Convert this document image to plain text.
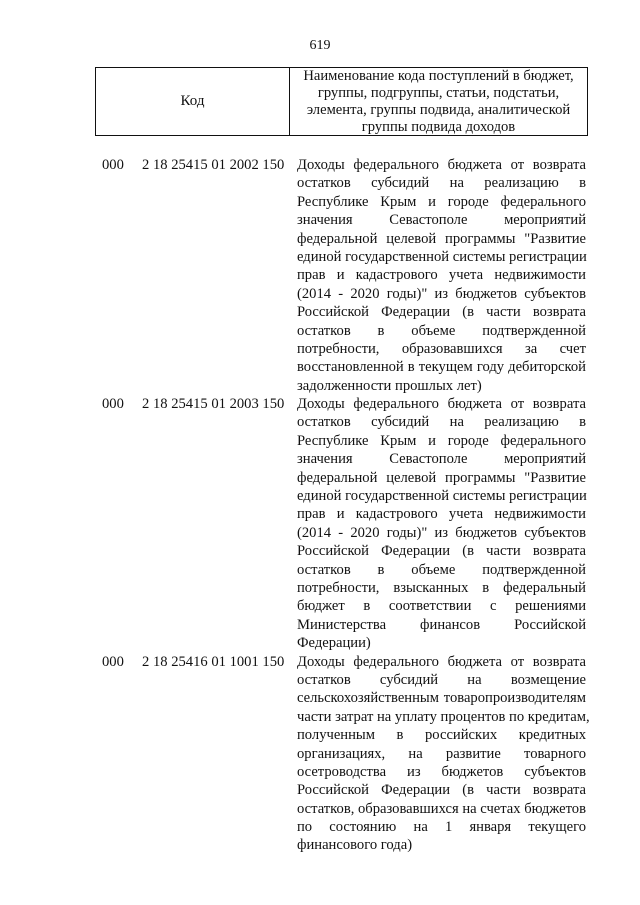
619
Код
Наименование кода поступлений в бюджет,
группы, подгруппы, статьи, подстатьи,
элемента, группы подвида, аналитической
группы подвида доходов
000 2 18 25415 01 2002 150 Доходы федерального бюджета от возврата
остатков субсидий на реализацию в
Республике Крым и городе федерального
значения Севастополе мероприятий
федеральной целевой программы "Развитие
единой государственной системы регистрации
прав и кадастрового учета недвижимости
(2014 - 2020 годы)" из бюджетов субъектов
Российской Федерации (в части возврата
остатков в объеме подтвержденной
потребности, образовавшихся за счет
восстановленной в текущем году дебиторской
задолженности прошлых лет)
000 2 18 25415 01 2003 150 Доходы федерального бюджета от возврата
остатков субсидий на реализацию в
Республике Крым и городе федерального
значения Севастополе мероприятий
федеральной целевой программы "Развитие
единой государственной системы регистрации
прав и кадастрового учета недвижимости
(2014 - 2020 годы)" из бюджетов субъектов
Российской Федерации (в части возврата
остатков в объеме подтвержденной
потребности, взысканных в федеральный
бюджет в соответствии с решениями
Министерства финансов Российской
Федерации)
000 2 18 25416 01 1001 150 Доходы федерального бюджета от возврата
остатков субсидий на возмещение
сельскохозяйственным товаропроизводителям
части затрат на уплату процентов по кредитам,
полученным в российских кредитных
организациях, на развитие товарного
осетроводства из бюджетов субъектов
Российской Федерации (в части возврата
остатков, образовавшихся на счетах бюджетов
по состоянию на 1 января текущего
финансового года)
